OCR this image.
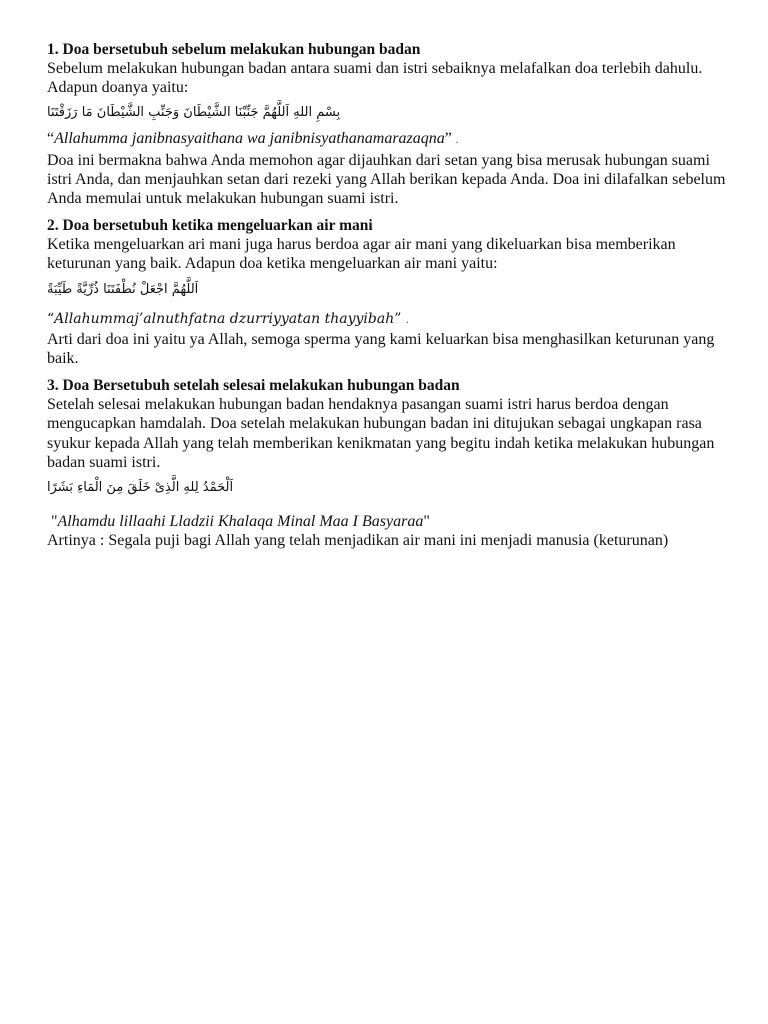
1. Doa bersetubuh sebelum melakukan hubungan badan
Sebelum melakukan hubungan badan antara suami dan istri sebaiknya melafalkan doa terlebih dahulu. Adapun doanya yaitu:
بِسْمِ اللهِ اَللَّهُمَّ جَنِّبْنَا الشَّيْطَانَ وَجَنِّبِ الشَّيْطَانَ مَا رَزَقْتَنَا
“Allahumma janibnasyaithana wa janibnisyathanamarazaqna” .
Doa ini bermakna bahwa Anda memohon agar dijauhkan dari setan yang bisa merusak hubungan suami istri Anda, dan menjauhkan setan dari rezeki yang Allah berikan kepada Anda. Doa ini dilafalkan sebelum Anda memulai untuk melakukan hubungan suami istri.
2. Doa bersetubuh ketika mengeluarkan air mani
Ketika mengeluarkan ari mani juga harus berdoa agar air mani yang dikeluarkan bisa memberikan keturunan yang baik. Adapun doa ketika mengeluarkan air mani yaitu:
اَللَّهُمَّ اجْعَلْ نُطْفَتَنَا ذُرِّيَّةً طَيِّبَةً
“Allahummaj’alnuthfatna dzurriyyatan thayyibah” .
Arti dari doa ini yaitu ya Allah, semoga sperma yang kami keluarkan bisa menghasilkan keturunan yang baik.
3. Doa Bersetubuh setelah selesai melakukan hubungan badan
Setelah selesai melakukan hubungan badan hendaknya pasangan suami istri harus berdoa dengan mengucapkan hamdalah. Doa setelah melakukan hubungan badan ini ditujukan sebagai ungkapan rasa syukur kepada Allah yang telah memberikan kenikmatan yang begitu indah ketika melakukan hubungan badan suami istri.
اَلْحَمْدُ لِلهِ الَّذِىْ خَلَقَ مِنَ الْمَاءِ بَشَرًا
"Alhamdu lillaahi Lladzii Khalaqa Minal Maa I Basyaraa"
Artinya : Segala puji bagi Allah yang telah menjadikan air mani ini menjadi manusia (keturunan)
